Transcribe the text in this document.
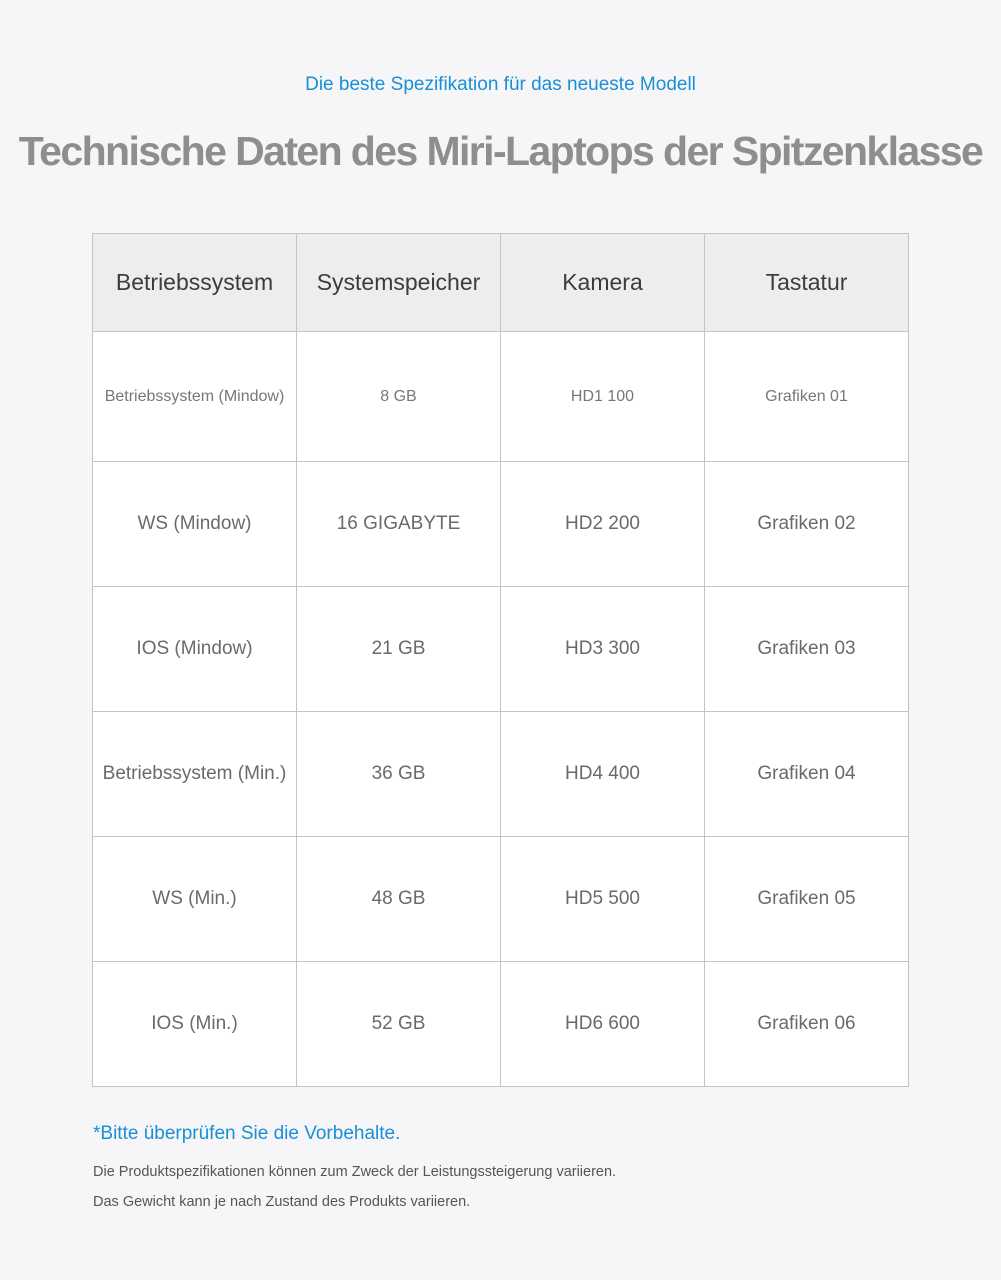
Die beste Spezifikation für das neueste Modell
Technische Daten des Miri-Laptops der Spitzenklasse
Betriebssystem	Systemspeicher	Kamera	Tastatur
Betriebssystem (Mindow)	8 GB	HD1 100	Grafiken 01
WS (Mindow)	16 GIGABYTE	HD2 200	Grafiken 02
IOS (Mindow)	21 GB	HD3 300	Grafiken 03
Betriebssystem (Min.)	36 GB	HD4 400	Grafiken 04
WS (Min.)	48 GB	HD5 500	Grafiken 05
IOS (Min.)	52 GB	HD6 600	Grafiken 06
*Bitte überprüfen Sie die Vorbehalte.
Die Produktspezifikationen können zum Zweck der Leistungssteigerung variieren.
Das Gewicht kann je nach Zustand des Produkts variieren.
